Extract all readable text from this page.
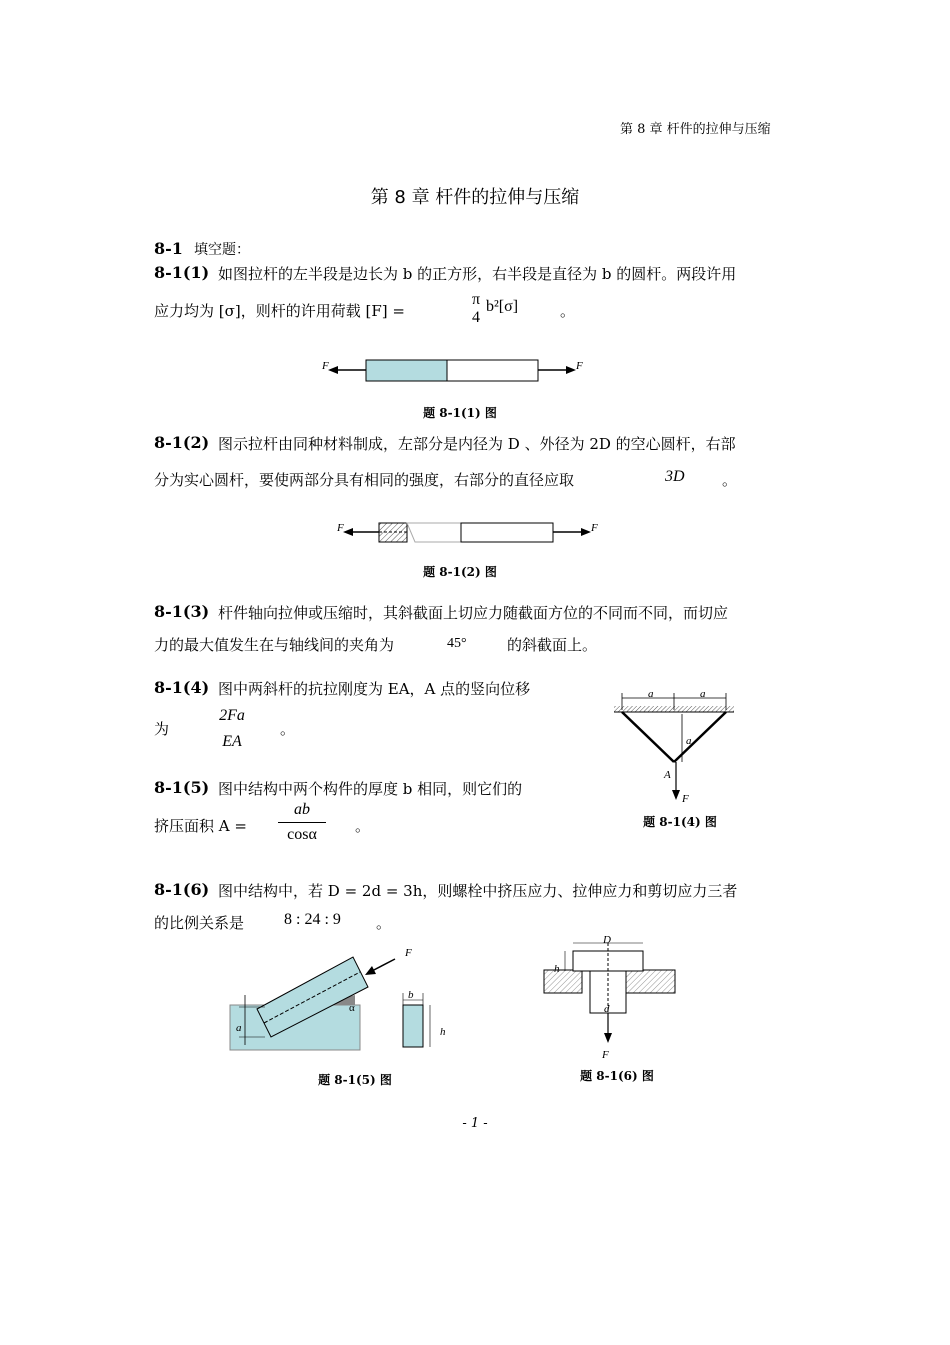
第 8 章 杆件的拉伸与压缩
第 8 章 杆件的拉伸与压缩
8-1 填空题：
8-1(1) 如图拉杆的左半段是边长为 b 的正方形，右半段是直径为 b 的圆杆。两段许用
应力均为 [σ]，则杆的许用荷载 [F] =
π
4
b²[σ]	。
F	F
题 8-1(1) 图
8-1(2) 图示拉杆由同种材料制成，左部分是内径为 D 、外径为 2D 的空心圆杆，右部
分为实心圆杆，要使两部分具有相同的强度，右部分的直径应取	3D 。
F	F
题 8-1(2) 图
8-1(3) 杆件轴向拉伸或压缩时，其斜截面上切应力随截面方位的不同而不同，而切应
力的最大值发生在与轴线间的夹角为	45°	的斜截面上。
8-1(4) 图中两斜杆的抗拉刚度为 EA，A 点的竖向位移
为
2Fa
EA
。
a	a
a
A
F
题 8-1(4) 图
8-1(5) 图中结构中两个构件的厚度 b 相同，则它们的
挤压面积 $A = \frac{ab}{\cos\alpha}$ 。
8-1(6) 图中结构中，若 D = 2d = 3h，则螺栓中挤压应力、拉伸应力和剪切应力三者
的比例关系是 8 : 24 : 9 。
F
α
a
b
h
题 8-1(5) 图
D
h
d
F
题 8-1(6) 图
- 1 -
